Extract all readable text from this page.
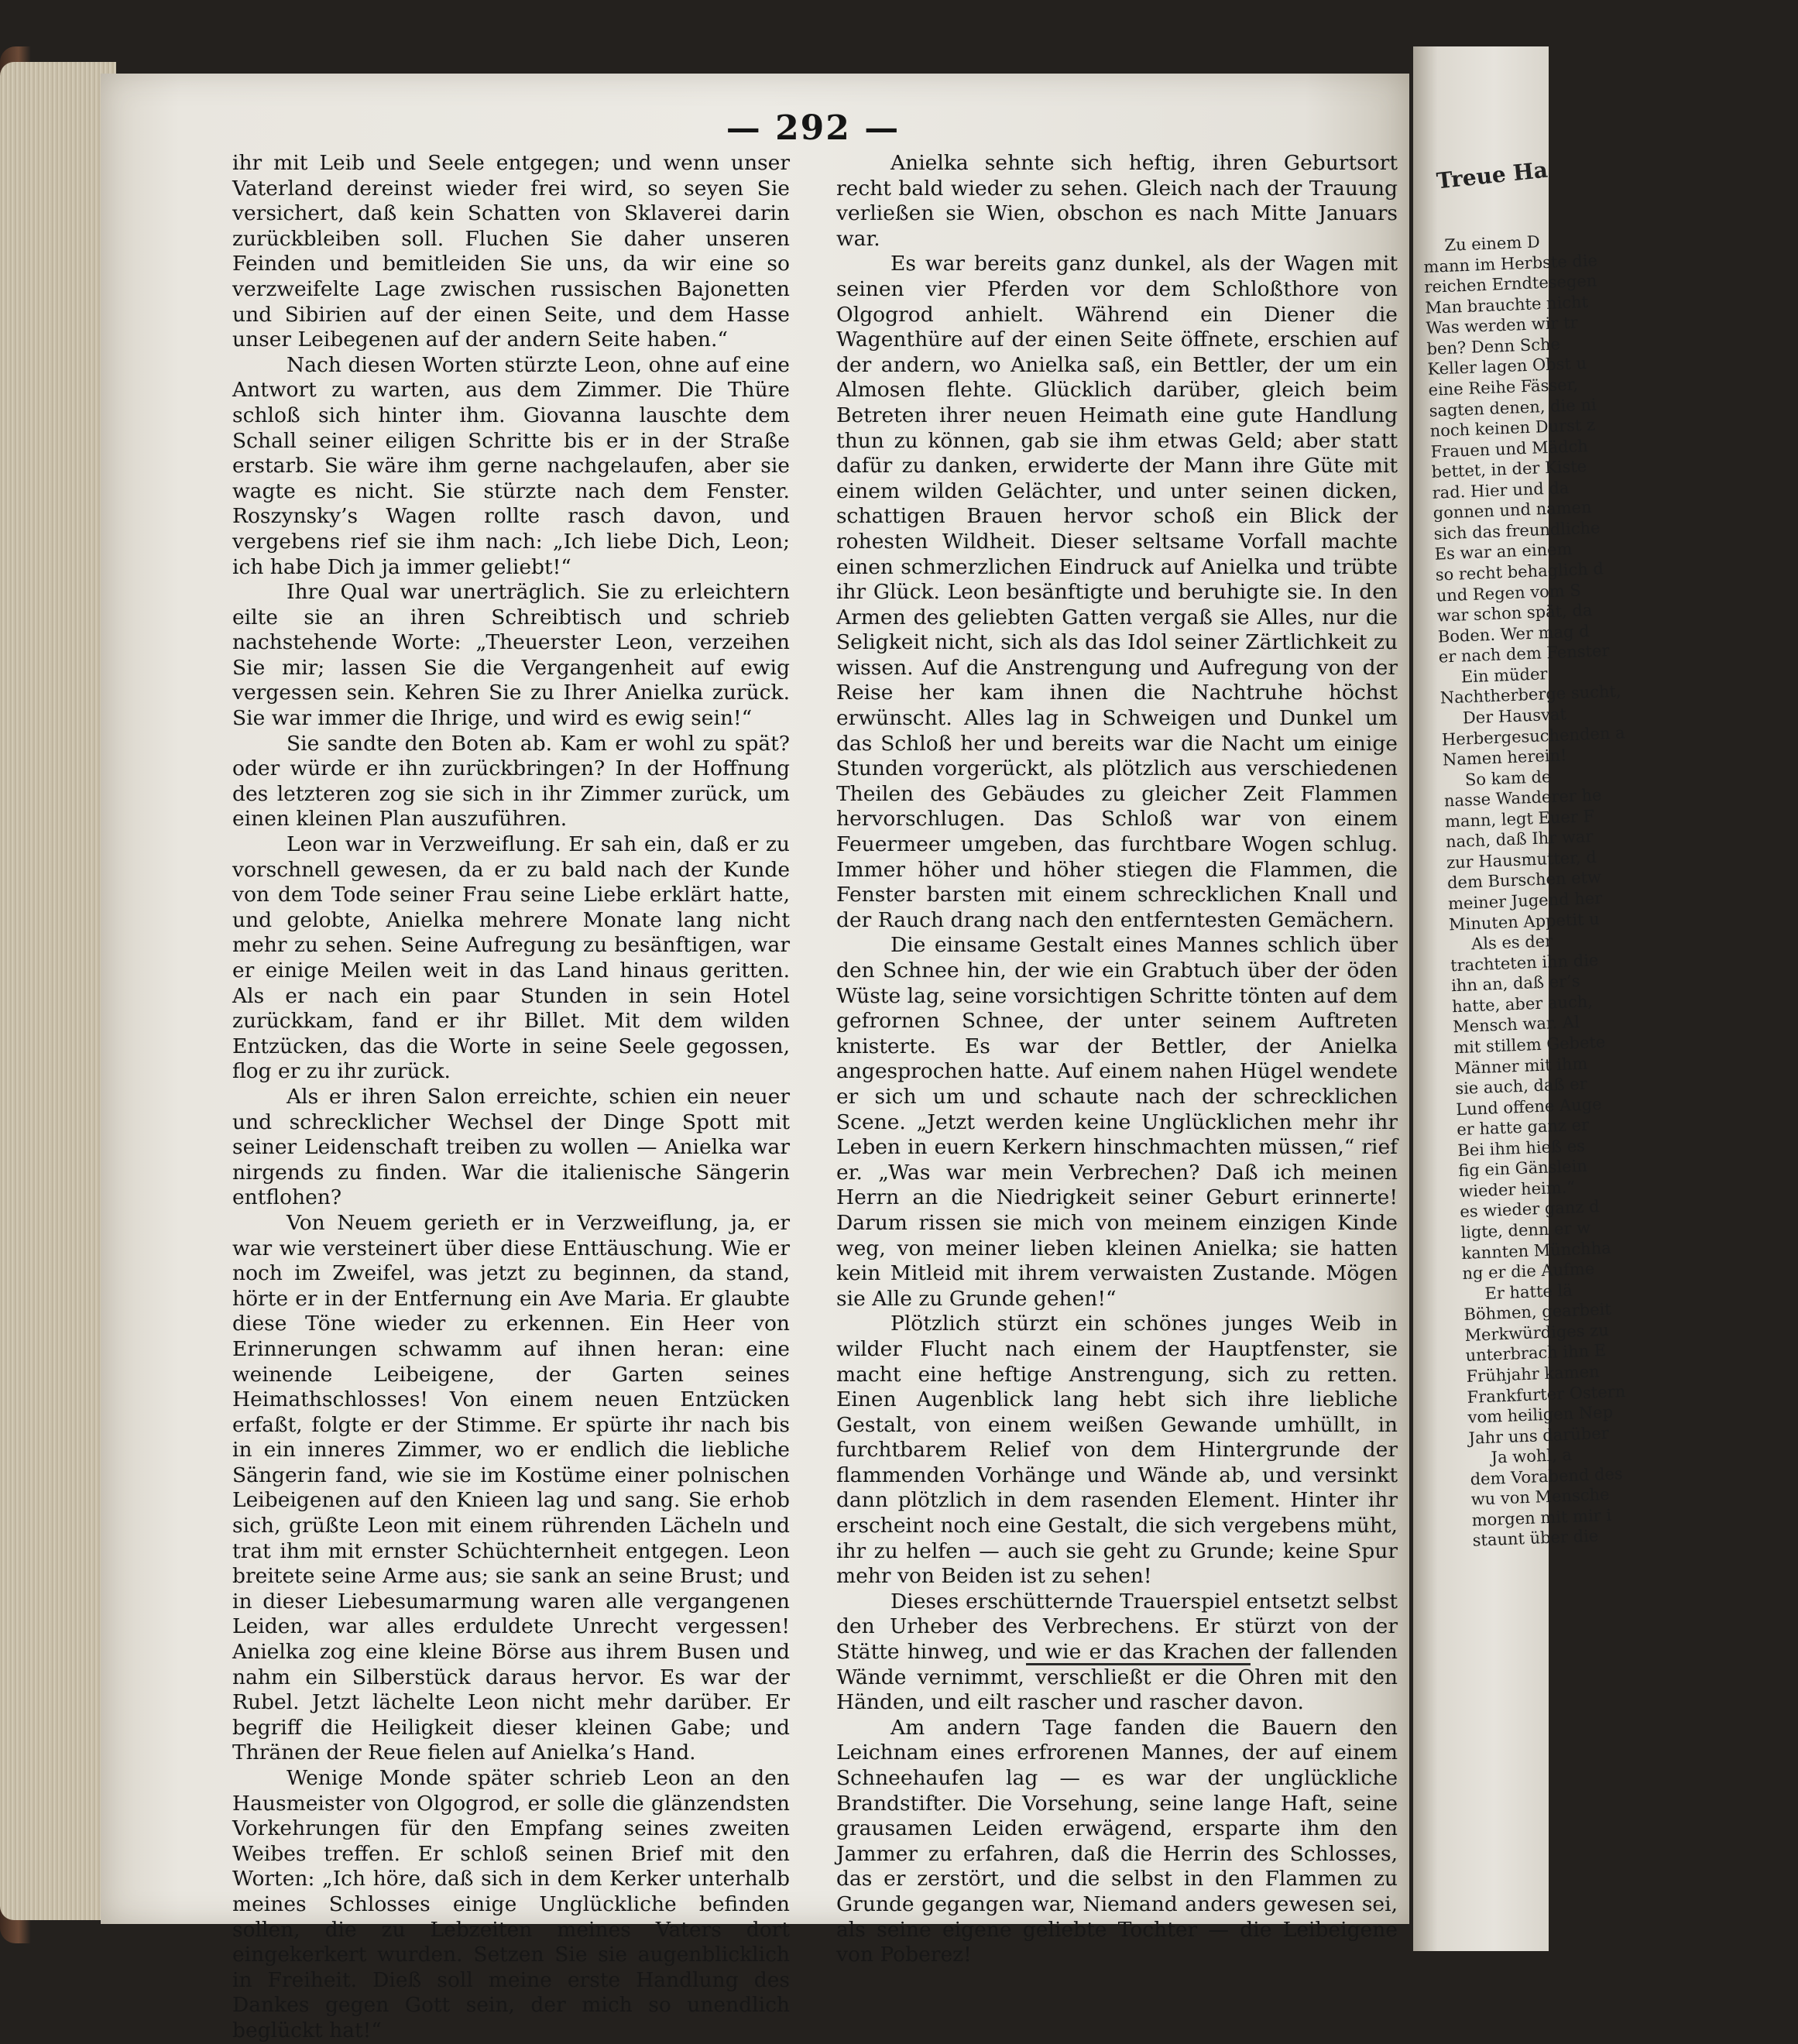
— 292 —

ihr mit Leib und Seele entgegen; und wenn unser Vaterland dereinst wieder frei wird, so seyen Sie versichert, daß kein Schatten von Sklaverei darin zurückbleiben soll. Fluchen Sie daher unseren Feinden und bemitleiden Sie uns, da wir eine so verzweifelte Lage zwischen russischen Bajonetten und Sibirien auf der einen Seite, und dem Hasse unser Leibegenen auf der andern Seite haben.“

Nach diesen Worten stürzte Leon, ohne auf eine Antwort zu warten, aus dem Zimmer. Die Thüre schloß sich hinter ihm. Giovanna lauschte dem Schall seiner eiligen Schritte bis er in der Straße erstarb. Sie wäre ihm gerne nachgelaufen, aber sie wagte es nicht. Sie stürzte nach dem Fenster. Roszynsky’s Wagen rollte rasch davon, und vergebens rief sie ihm nach: „Ich liebe Dich, Leon; ich habe Dich ja immer geliebt!“

Ihre Qual war unerträglich. Sie zu erleichtern eilte sie an ihren Schreibtisch und schrieb nachstehende Worte: „Theuerster Leon, verzeihen Sie mir; lassen Sie die Vergangenheit auf ewig vergessen sein. Kehren Sie zu Ihrer Anielka zurück. Sie war immer die Ihrige, und wird es ewig sein!“

Sie sandte den Boten ab. Kam er wohl zu spät? oder würde er ihn zurückbringen? In der Hoffnung des letzteren zog sie sich in ihr Zimmer zurück, um einen kleinen Plan auszuführen.

Leon war in Verzweiflung. Er sah ein, daß er zu vorschnell gewesen, da er zu bald nach der Kunde von dem Tode seiner Frau seine Liebe erklärt hatte, und gelobte, Anielka mehrere Monate lang nicht mehr zu sehen. Seine Aufregung zu besänftigen, war er einige Meilen weit in das Land hinaus geritten. Als er nach ein paar Stunden in sein Hotel zurückkam, fand er ihr Billet. Mit dem wilden Entzücken, das die Worte in seine Seele gegossen, flog er zu ihr zurück.

Als er ihren Salon erreichte, schien ein neuer und schrecklicher Wechsel der Dinge Spott mit seiner Leidenschaft treiben zu wollen — Anielka war nirgends zu finden. War die italienische Sängerin entflohen?

Von Neuem gerieth er in Verzweiflung, ja, er war wie versteinert über diese Enttäuschung. Wie er noch im Zweifel, was jetzt zu beginnen, da stand, hörte er in der Entfernung ein Ave Maria. Er glaubte diese Töne wieder zu erkennen. Ein Heer von Erinnerungen schwamm auf ihnen heran: eine weinende Leibeigene, der Garten seines Heimathschlosses! Von einem neuen Entzücken erfaßt, folgte er der Stimme. Er spürte ihr nach bis in ein inneres Zimmer, wo er endlich die liebliche Sängerin fand, wie sie im Kostüme einer polnischen Leibeigenen auf den Knieen lag und sang. Sie erhob sich, grüßte Leon mit einem rührenden Lächeln und trat ihm mit ernster Schüchternheit entgegen. Leon breitete seine Arme aus; sie sank an seine Brust; und in dieser Liebesumarmung waren alle vergangenen Leiden, war alles erduldete Unrecht vergessen! Anielka zog eine kleine Börse aus ihrem Busen und nahm ein Silberstück daraus hervor. Es war der Rubel. Jetzt lächelte Leon nicht mehr darüber. Er begriff die Heiligkeit dieser kleinen Gabe; und Thränen der Reue fielen auf Anielka’s Hand.

Wenige Monde später schrieb Leon an den Hausmeister von Olgogrod, er solle die glänzendsten Vorkehrungen für den Empfang seines zweiten Weibes treffen. Er schloß seinen Brief mit den Worten: „Ich höre, daß sich in dem Kerker unterhalb meines Schlosses einige Unglückliche befinden sollen, die zu Lebzeiten meines Vaters dort eingekerkert wurden. Setzen Sie sie augenblicklich in Freiheit. Dieß soll meine erste Handlung des Dankes gegen Gott sein, der mich so unendlich beglückt hat!“

Anielka sehnte sich heftig, ihren Geburtsort recht bald wieder zu sehen. Gleich nach der Trauung verließen sie Wien, obschon es nach Mitte Januars war.

Es war bereits ganz dunkel, als der Wagen mit seinen vier Pferden vor dem Schloßthore von Olgogrod anhielt. Während ein Diener die Wagenthüre auf der einen Seite öffnete, erschien auf der andern, wo Anielka saß, ein Bettler, der um ein Almosen flehte. Glücklich darüber, gleich beim Betreten ihrer neuen Heimath eine gute Handlung thun zu können, gab sie ihm etwas Geld; aber statt dafür zu danken, erwiderte der Mann ihre Güte mit einem wilden Gelächter, und unter seinen dicken, schattigen Brauen hervor schoß ein Blick der rohesten Wildheit. Dieser seltsame Vorfall machte einen schmerzlichen Eindruck auf Anielka und trübte ihr Glück. Leon besänftigte und beruhigte sie. In den Armen des geliebten Gatten vergaß sie Alles, nur die Seligkeit nicht, sich als das Idol seiner Zärtlichkeit zu wissen. Auf die Anstrengung und Aufregung von der Reise her kam ihnen die Nachtruhe höchst erwünscht. Alles lag in Schweigen und Dunkel um das Schloß her und bereits war die Nacht um einige Stunden vorgerückt, als plötzlich aus verschiedenen Theilen des Gebäudes zu gleicher Zeit Flammen hervorschlugen. Das Schloß war von einem Feuermeer umgeben, das furchtbare Wogen schlug. Immer höher und höher stiegen die Flammen, die Fenster barsten mit einem schrecklichen Knall und der Rauch drang nach den entferntesten Gemächern.

Die einsame Gestalt eines Mannes schlich über den Schnee hin, der wie ein Grabtuch über der öden Wüste lag, seine vorsichtigen Schritte tönten auf dem gefrornen Schnee, der unter seinem Auftreten knisterte. Es war der Bettler, der Anielka angesprochen hatte. Auf einem nahen Hügel wendete er sich um und schaute nach der schrecklichen Scene. „Jetzt werden keine Unglücklichen mehr ihr Leben in euern Kerkern hinschmachten müssen,“ rief er. „Was war mein Verbrechen? Daß ich meinen Herrn an die Niedrigkeit seiner Geburt erinnerte! Darum rissen sie mich von meinem einzigen Kinde weg, von meiner lieben kleinen Anielka; sie hatten kein Mitleid mit ihrem verwaisten Zustande. Mögen sie Alle zu Grunde gehen!“

Plötzlich stürzt ein schönes junges Weib in wilder Flucht nach einem der Hauptfenster, sie macht eine heftige Anstrengung, sich zu retten. Einen Augenblick lang hebt sich ihre liebliche Gestalt, von einem weißen Gewande umhüllt, in furchtbarem Relief von dem Hintergrunde der flammenden Vorhänge und Wände ab, und versinkt dann plötzlich in dem rasenden Element. Hinter ihr erscheint noch eine Gestalt, die sich vergebens müht, ihr zu helfen — auch sie geht zu Grunde; keine Spur mehr von Beiden ist zu sehen!

Dieses erschütternde Trauerspiel entsetzt selbst den Urheber des Verbrechens. Er stürzt von der Stätte hinweg, und wie er das Krachen der fallenden Wände vernimmt, verschließt er die Ohren mit den Händen, und eilt rascher und rascher davon.

Am andern Tage fanden die Bauern den Leichnam eines erfrorenen Mannes, der auf einem Schneehaufen lag — es war der unglückliche Brandstifter. Die Vorsehung, seine lange Haft, seine grausamen Leiden erwägend, ersparte ihm den Jammer zu erfahren, daß die Herrin des Schlosses, das er zerstört, und die selbst in den Flammen zu Grunde gegangen war, Niemand anders gewesen sei, als seine eigene geliebte Tochter — die Leibeigene von Poberez!

Treue Ha
Zu einem D
mann im Herbste die
reichen Erndtesegen
Man brauchte nicht
Was werden wir tr
ben? Denn Sche
Keller lagen Obst u
eine Reihe Fässer,
sagten denen, die ni
noch keinen Durst z
Frauen und Mädch
bettet, in der Kiste
rad. Hier und da
gonnen und namen
sich das freundliche
Es war an einem
so recht behaglich d
und Regen vom S
war schon spät, da
Boden. Wer mag d
er nach dem Fenster
Ein müder
Nachtherberge sucht,
Der Hausvat
Herbergesuchenden a
Namen herein!
So kam de
nasse Wanderer he
mann, legt Euer F
nach, daß Ihr war
zur Hausmutter, d
dem Burschen etw
meiner Jugend her
Minuten Appetit u
Als es der
trachteten ihn die
ihn an, daß er’s
hatte, aber auch,
Mensch war. Al
mit stillem Gebete
Männer mit ihm
sie auch, daß er
Lund offene Auge
er hatte ganz er
Bei ihm hieß es
fig ein Gänslein
wieder heim.“
es wieder ganz d
ligte, denn er w
kannten Münchha
ng er die Aufme
Er hatte lä
Böhmen, gearbeit
Merkwürdiges zu
unterbrach ihn E
Frühjahr kamen
Frankfurter Ostern
vom heiligen Nep
Jahr uns darüber
Ja wohl, a
dem Vorabend des
wu von Mensche
morgen mit mir i
staunt über die
